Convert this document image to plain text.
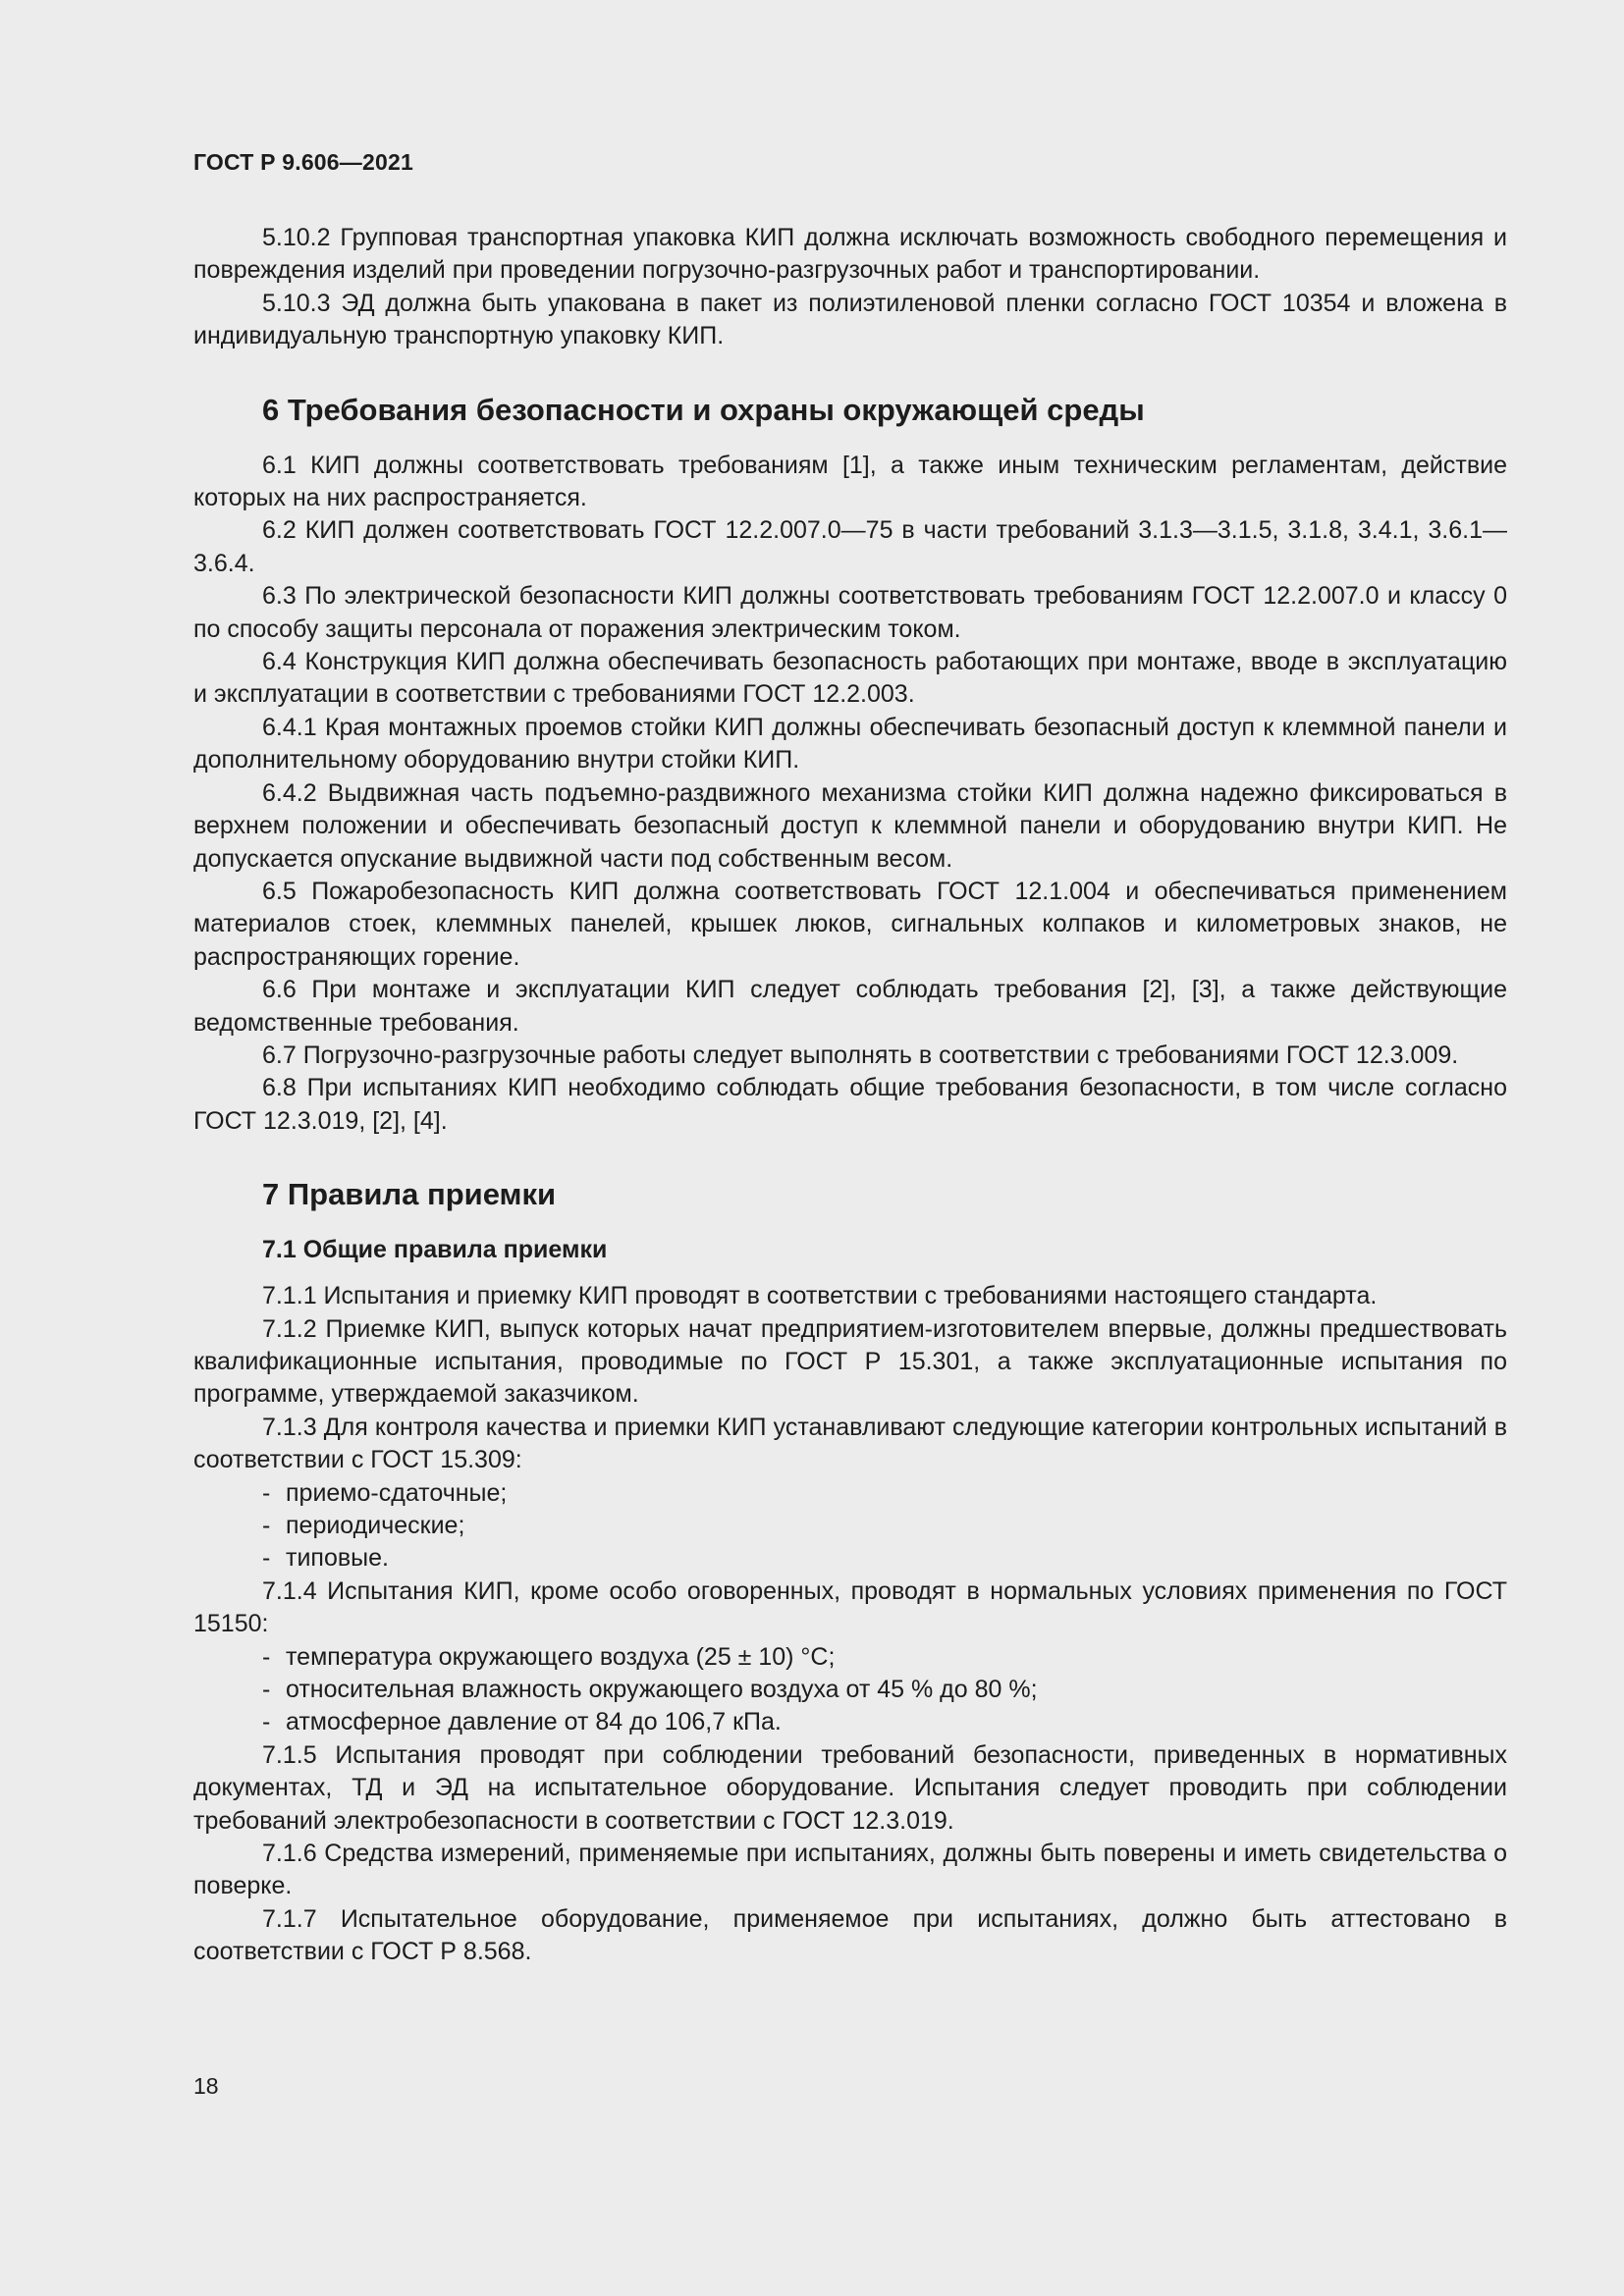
ГОСТ Р 9.606—2021

5.10.2 Групповая транспортная упаковка КИП должна исключать возможность свободного перемещения и повреждения изделий при проведении погрузочно-разгрузочных работ и транспортировании.

5.10.3 ЭД должна быть упакована в пакет из полиэтиленовой пленки согласно ГОСТ 10354 и вложена в индивидуальную транспортную упаковку КИП.

6 Требования безопасности и охраны окружающей среды

6.1 КИП должны соответствовать требованиям [1], а также иным техническим регламентам, действие которых на них распространяется.

6.2 КИП должен соответствовать ГОСТ 12.2.007.0—75 в части требований 3.1.3—3.1.5, 3.1.8, 3.4.1, 3.6.1—3.6.4.

6.3 По электрической безопасности КИП должны соответствовать требованиям ГОСТ 12.2.007.0 и классу 0 по способу защиты персонала от поражения электрическим током.

6.4 Конструкция КИП должна обеспечивать безопасность работающих при монтаже, вводе в эксплуатацию и эксплуатации в соответствии с требованиями ГОСТ 12.2.003.

6.4.1 Края монтажных проемов стойки КИП должны обеспечивать безопасный доступ к клеммной панели и дополнительному оборудованию внутри стойки КИП.

6.4.2 Выдвижная часть подъемно-раздвижного механизма стойки КИП должна надежно фиксироваться в верхнем положении и обеспечивать безопасный доступ к клеммной панели и оборудованию внутри КИП. Не допускается опускание выдвижной части под собственным весом.

6.5 Пожаробезопасность КИП должна соответствовать ГОСТ 12.1.004 и обеспечиваться применением материалов стоек, клеммных панелей, крышек люков, сигнальных колпаков и километровых знаков, не распространяющих горение.

6.6 При монтаже и эксплуатации КИП следует соблюдать требования [2], [3], а также действующие ведомственные требования.

6.7 Погрузочно-разгрузочные работы следует выполнять в соответствии с требованиями ГОСТ 12.3.009.

6.8 При испытаниях КИП необходимо соблюдать общие требования безопасности, в том числе согласно ГОСТ 12.3.019, [2], [4].

7 Правила приемки
7.1 Общие правила приемки

7.1.1 Испытания и приемку КИП проводят в соответствии с требованиями настоящего стандарта.

7.1.2 Приемке КИП, выпуск которых начат предприятием-изготовителем впервые, должны предшествовать квалификационные испытания, проводимые по ГОСТ Р 15.301, а также эксплуатационные испытания по программе, утверждаемой заказчиком.

7.1.3 Для контроля качества и приемки КИП устанавливают следующие категории контрольных испытаний в соответствии с ГОСТ 15.309:

- приемо-сдаточные;
- периодические;
- типовые.

7.1.4 Испытания КИП, кроме особо оговоренных, проводят в нормальных условиях применения по ГОСТ 15150:

- температура окружающего воздуха (25 ± 10) °C;
- относительная влажность окружающего воздуха от 45 % до 80 %;
- атмосферное давление от 84 до 106,7 кПа.

7.1.5 Испытания проводят при соблюдении требований безопасности, приведенных в нормативных документах, ТД и ЭД на испытательное оборудование. Испытания следует проводить при соблюдении требований электробезопасности в соответствии с ГОСТ 12.3.019.

7.1.6 Средства измерений, применяемые при испытаниях, должны быть поверены и иметь свидетельства о поверке.

7.1.7 Испытательное оборудование, применяемое при испытаниях, должно быть аттестовано в соответствии с ГОСТ Р 8.568.

18
